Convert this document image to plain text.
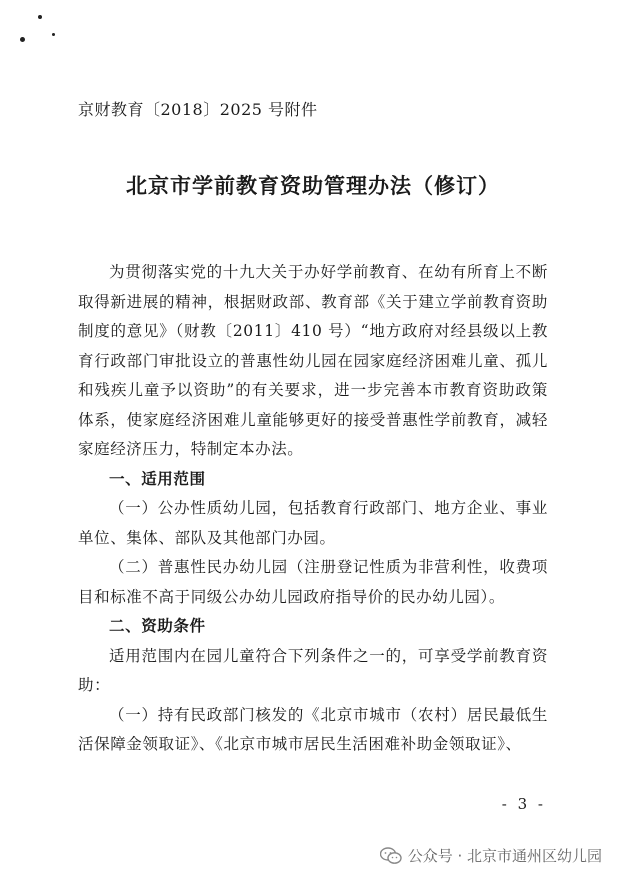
京财教育〔2018〕2025 号附件
北京市学前教育资助管理办法（修订）

为贯彻落实党的十九大关于办好学前教育、在幼有所育上不断取得新进展的精神，根据财政部、教育部《关于建立学前教育资助制度的意见》（财教〔2011〕410 号）“地方政府对经县级以上教育行政部门审批设立的普惠性幼儿园在园家庭经济困难儿童、孤儿和残疾儿童予以资助”的有关要求，进一步完善本市教育资助政策体系，使家庭经济困难儿童能够更好的接受普惠性学前教育，减轻家庭经济压力，特制定本办法。

一、适用范围

（一）公办性质幼儿园，包括教育行政部门、地方企业、事业单位、集体、部队及其他部门办园。

（二）普惠性民办幼儿园（注册登记性质为非营利性，收费项目和标准不高于同级公办幼儿园政府指导价的民办幼儿园）。

二、资助条件

适用范围内在园儿童符合下列条件之一的，可享受学前教育资助：

（一）持有民政部门核发的《北京市城市（农村）居民最低生活保障金领取证》、《北京市城市居民生活困难补助金领取证》、

- 3 -
公众号 · 北京市通州区幼儿园
